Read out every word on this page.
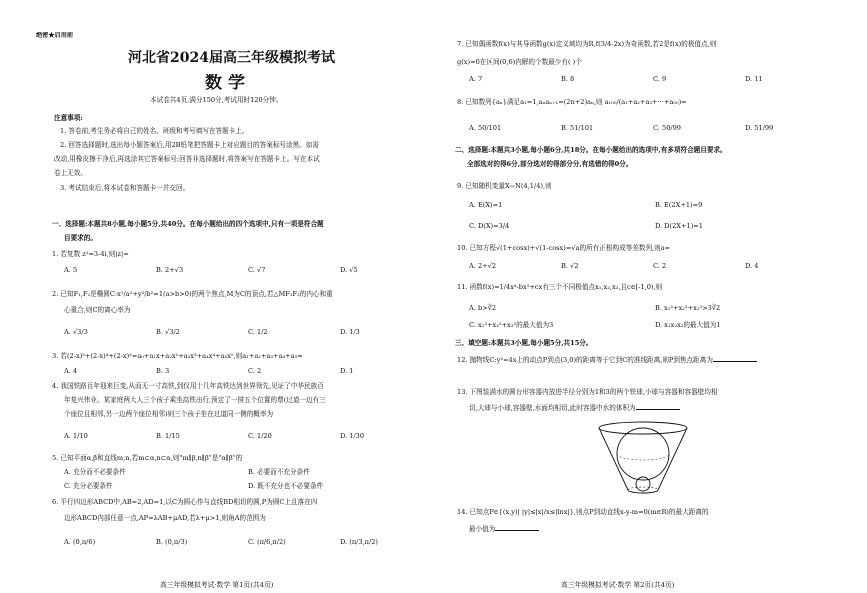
绝密★启用前
河北省2024届高三年级模拟考试
数学
本试卷共4页,满分150分,考试用时120分钟。
注意事项:
1. 答卷前,考生务必将自己的姓名、班级和考号填写在答题卡上。
2. 回答选择题时,选出每小题答案后,用2B铅笔把答题卡上对应题目的答案标号涂黑。如需
改动,用橡皮擦干净后,再选涂其它答案标号;回答非选择题时,将答案写在答题卡上。写在本试
卷上无效。
3. 考试结束后,将本试卷和答题卡一并交回。
一、选择题:本题共8小题,每小题5分,共40分。在每小题给出的四个选项中,只有一项是符合题
目要求的。
1. 若复数 z²=3-4i,则|z|=
A. 5	B. 2+√3	C. √7	D. √5
2. 已知F₁,F₂是椭圆C:x²/a²+y²/b²=1(a>b>0)的两个焦点,M为C的顶点,若△MF₁F₂的内心和重
心重合,则C的离心率为
A. √3/3	B. √3/2	C. 1/2	D. 1/3
3. 若(2-x)⁵+(2-x)⁴+(2-x)³=a₀+a₁x+a₂x²+a₃x³+a₄x⁴+a₅x⁵,则a₁+a₂+a₃+a₄+a₅=
A. 4	B. 3	C. 2	D. 1
4. 我国铁路百年迎来巨变,从而无一寸高铁,到仅用十几年高铁达到世界领先,见证了中华民族百
年复兴伟业。某家庭两大人三个孩子乘坐高铁出行,预定了一排五个位置的票(过道一边有三
个座位且相邻,另一边两个座位相邻)则三个孩子坐在过道同一侧的概率为
A. 1/10	B. 1/15	C. 1/20	D. 1/30
5. 已知平面α,β和直线m,n,若m⊂α,n⊂α,则"m∥β,n∥β"是"α∥β"的
A. 充分而不必要条件	B. 必要而不充分条件
C. 充分必要条件	D. 既不充分也不必要条件
6. 平行四边形ABCD中,AB=2,AD=1,以C为圆心作与直线BD相切的圆,P为圆C上且落在四
边形ABCD内部任意一点,AP=λAB+μAD,若λ+μ>1,则角A的范围为
A. (0,π/6)	B. (0,π/3)	C. (π/6,π/2)	D. (π/3,π/2)
高三年级模拟考试·数学 第1页(共4页)
7. 已知偶函数f(x)与其导函数g(x)定义域均为R,f(3/4-2x)为奇函数,若2是f(x)的极值点,则
g(x)=0在区间(0,6)内解的个数最少有( )个
A. 7	B. 8	C. 9	D. 11
8. 已知数列{aₙ}满足a₁=1,aₙaₙ₊₁=(2n+2)aₙ,则 a₁₀₀/(a₁+a₂+a₃+···+a₅₀)=
A. 50/101	B. 51/101	C. 50/99	D. 51/99
二、选择题:本题共3小题,每小题6分,共18分。在每小题给出的选项中,有多项符合题目要求。
全部选对的得6分,部分选对的得部分分,有选错的得0分。
9. 已知随机变量X~N(4,1/4),则
A. E(X)=1	B. E(2X+1)=9
C. D(X)=3/4	D. D(2X+1)=1
10. 已知方程√(1+cosx)+√(1-cosx)=√a的所有正根构成等差数列,则a=
A. 2+√2	B. √2	C. 2	D. 4
11. 函数f(x)=1/4x⁴-bx²+cx有三个不同极值点x₁,x₂,x₃,且c∈[-1,0),则
A. b>∛2	B. x₁²+x₂²+x₃²>3∛2
C. x₁²+x₂²+x₃²的最大值为3	D. x₁x₂x₃的最大值为1
三、填空题:本题共3小题,每小题5分,共15分。
12. 抛物线C:y²=4x上的动点P到点(3,0)的距离等于它到C的准线距离,则P到焦点距离为
13. 下图装满水的圆台形容器内放进半径分别为1和3的两个铁球,小球与容器和容器壁均相
切,大球与小球,容器壁,水面均相切,此时容器中水的体积为
14. 已知点P∈{(x,y)| |y|≤|x|/x≤|lnx|},则点P到动直线x-y-m=0(m∈R)的最大距离的
最小值为
高三年级模拟考试·数学 第2页(共4页)
